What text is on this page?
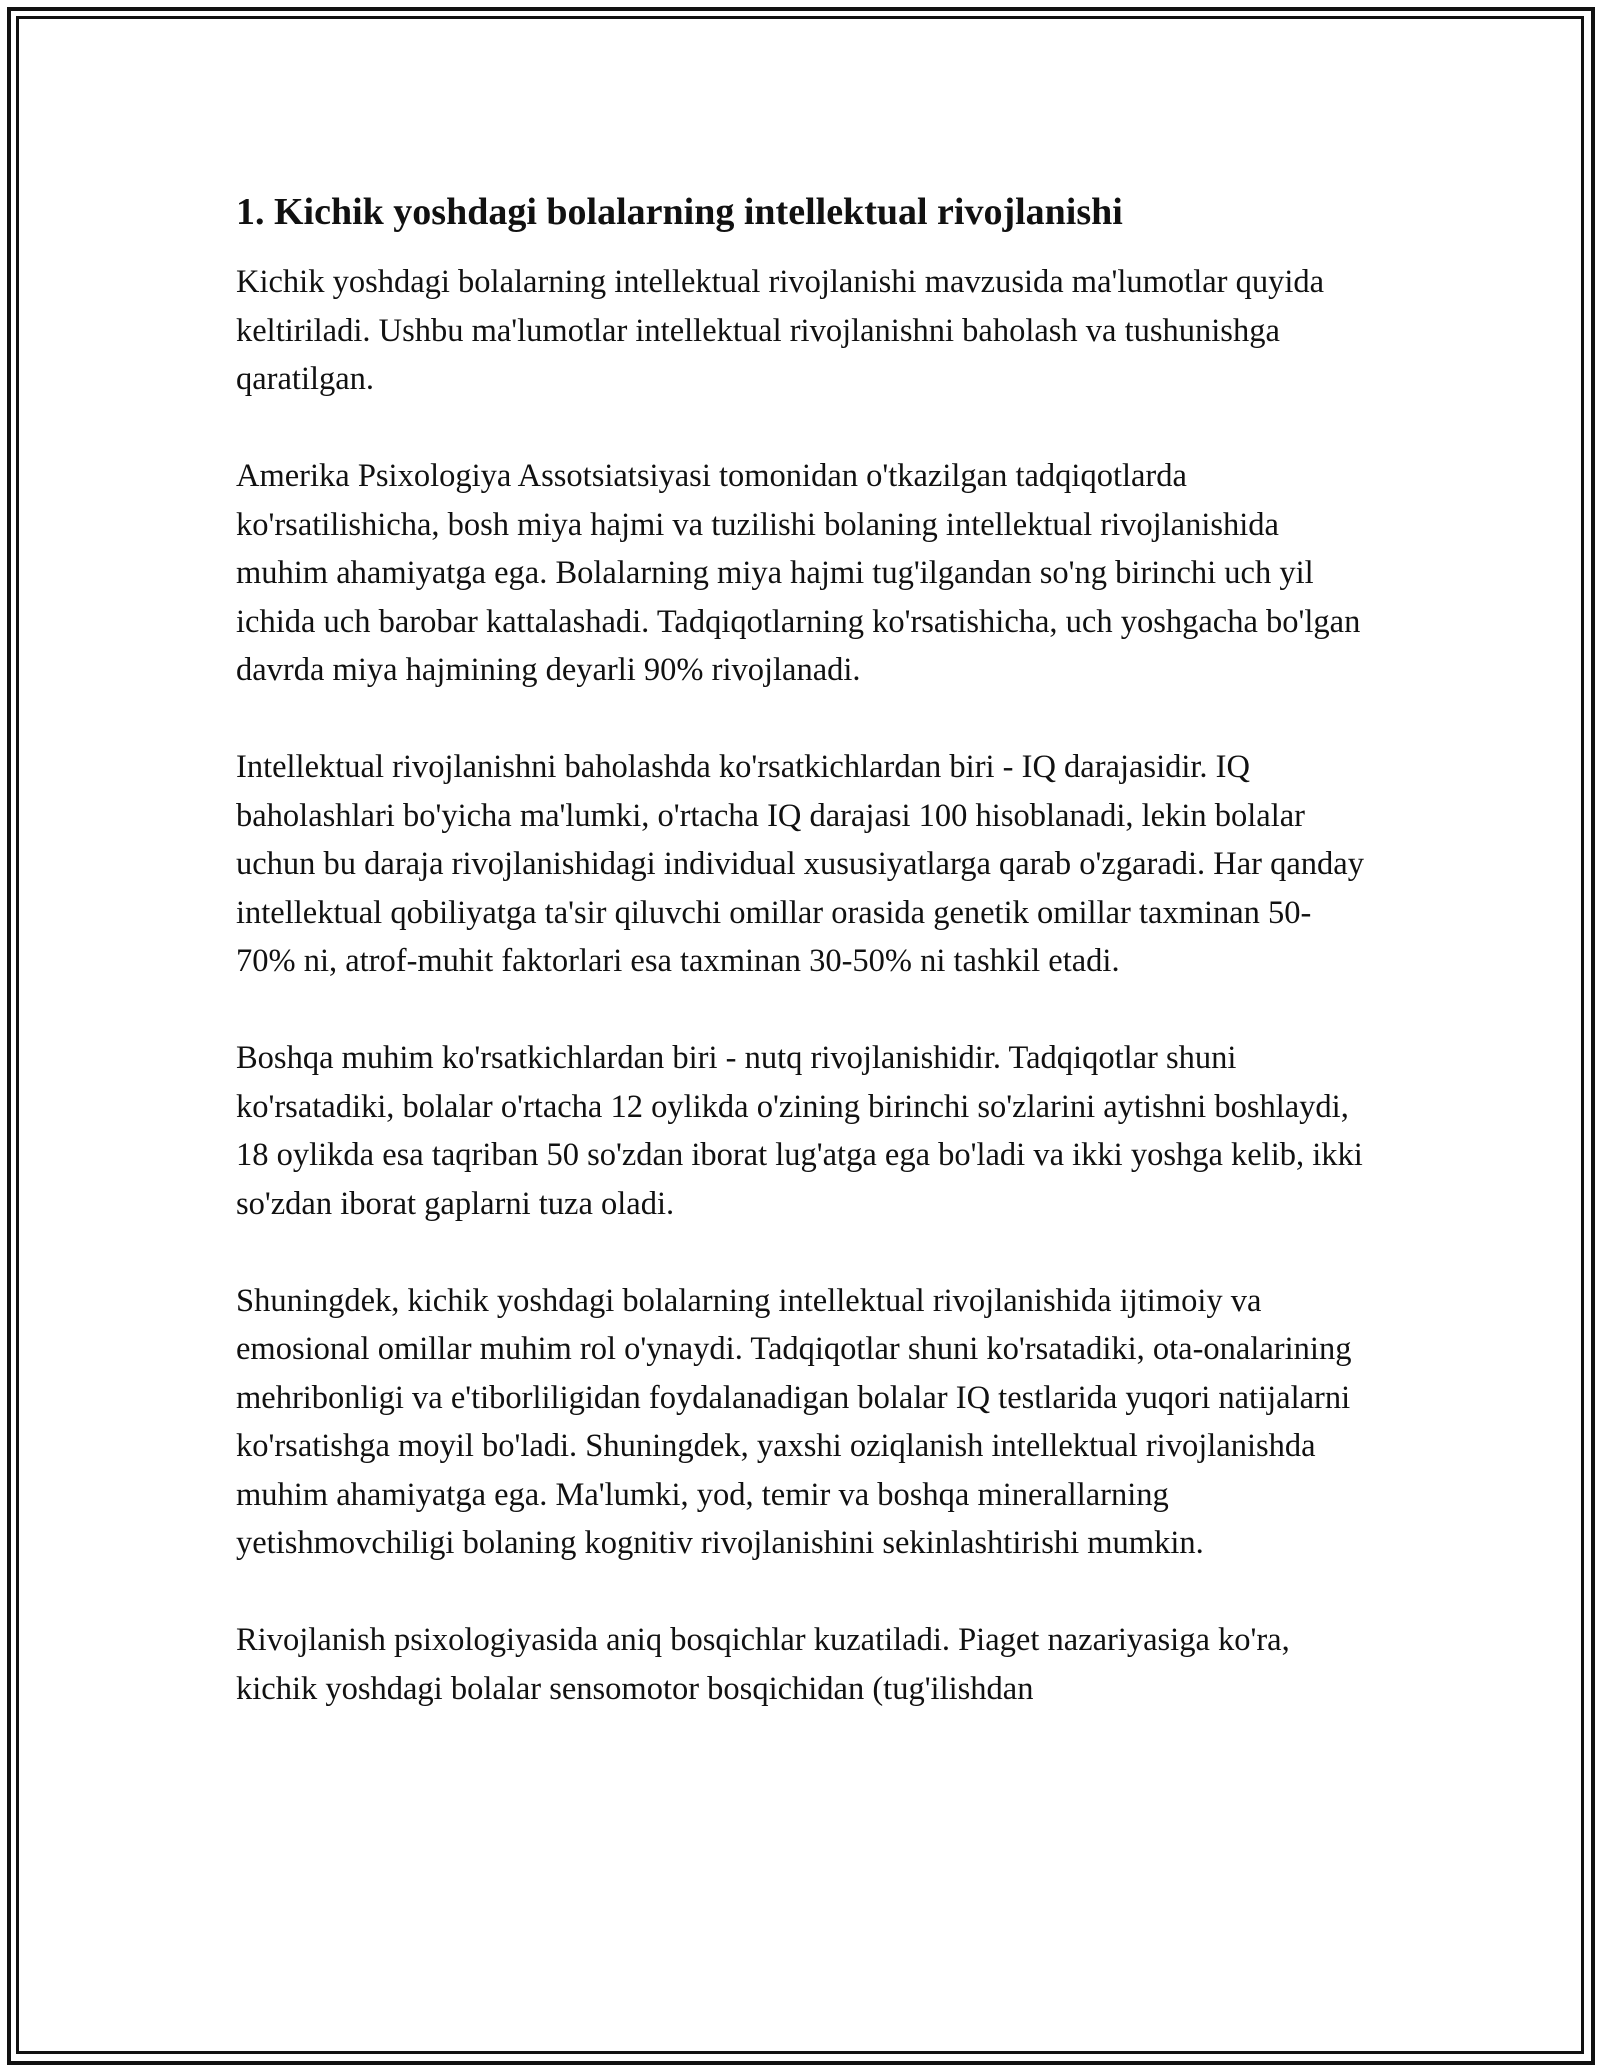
1. Kichik yoshdagi bolalarning intellektual rivojlanishi

Kichik yoshdagi bolalarning intellektual rivojlanishi mavzusida ma'lumotlar quyida keltiriladi. Ushbu ma'lumotlar intellektual rivojlanishni baholash va tushunishga qaratilgan.

Amerika Psixologiya Assotsiatsiyasi tomonidan o'tkazilgan tadqiqotlarda ko'rsatilishicha, bosh miya hajmi va tuzilishi bolaning intellektual rivojlanishida muhim ahamiyatga ega. Bolalarning miya hajmi tug'ilgandan so'ng birinchi uch yil ichida uch barobar kattalashadi. Tadqiqotlarning ko'rsatishicha, uch yoshgacha bo'lgan davrda miya hajmining deyarli 90% rivojlanadi.

Intellektual rivojlanishni baholashda ko'rsatkichlardan biri - IQ darajasidir. IQ baholashlari bo'yicha ma'lumki, o'rtacha IQ darajasi 100 hisoblanadi, lekin bolalar uchun bu daraja rivojlanishidagi individual xususiyatlarga qarab o'zgaradi. Har qanday intellektual qobiliyatga ta'sir qiluvchi omillar orasida genetik omillar taxminan 50-70% ni, atrof-muhit faktorlari esa taxminan 30-50% ni tashkil etadi.

Boshqa muhim ko'rsatkichlardan biri - nutq rivojlanishidir. Tadqiqotlar shuni ko'rsatadiki, bolalar o'rtacha 12 oylikda o'zining birinchi so'zlarini aytishni boshlaydi, 18 oylikda esa taqriban 50 so'zdan iborat lug'atga ega bo'ladi va ikki yoshga kelib, ikki so'zdan iborat gaplarni tuza oladi.

Shuningdek, kichik yoshdagi bolalarning intellektual rivojlanishida ijtimoiy va emosional omillar muhim rol o'ynaydi. Tadqiqotlar shuni ko'rsatadiki, ota-onalarining mehribonligi va e'tiborliligidan foydalanadigan bolalar IQ testlarida yuqori natijalarni ko'rsatishga moyil bo'ladi. Shuningdek, yaxshi oziqlanish intellektual rivojlanishda muhim ahamiyatga ega. Ma'lumki, yod, temir va boshqa minerallarning yetishmovchiligi bolaning kognitiv rivojlanishini sekinlashtirishi mumkin.

Rivojlanish psixologiyasida aniq bosqichlar kuzatiladi. Piaget nazariyasiga ko'ra, kichik yoshdagi bolalar sensomotor bosqichidan (tug'ilishdan
